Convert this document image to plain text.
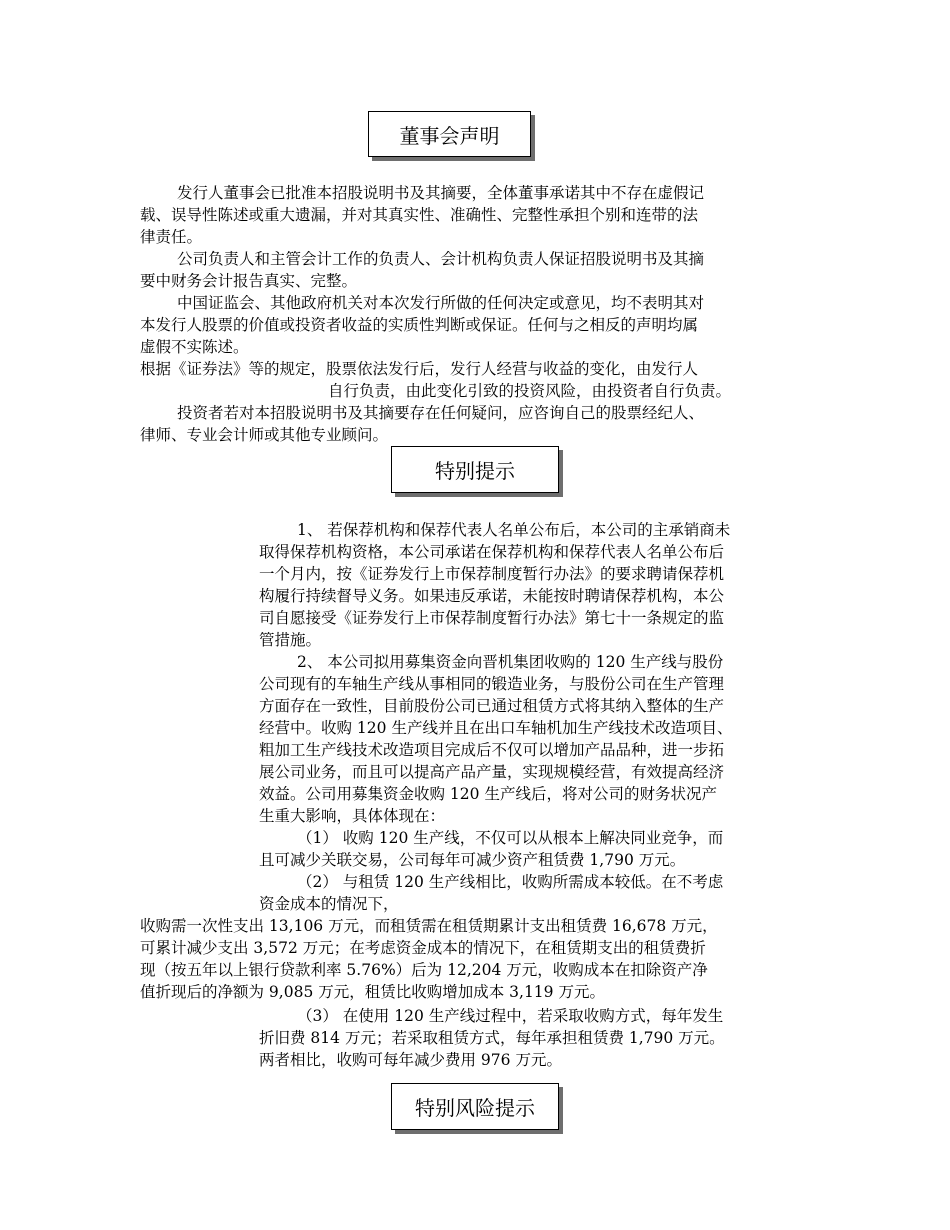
董事会声明
特别提示
特别风险提示
发行人董事会已批准本招股说明书及其摘要，全体董事承诺其中不存在虚假记
载、误导性陈述或重大遗漏，并对其真实性、准确性、完整性承担个别和连带的法
律责任。
公司负责人和主管会计工作的负责人、会计机构负责人保证招股说明书及其摘
要中财务会计报告真实、完整。
中国证监会、其他政府机关对本次发行所做的任何决定或意见，均不表明其对
本发行人股票的价值或投资者收益的实质性判断或保证。任何与之相反的声明均属
虚假不实陈述。
根据《证券法》等的规定，股票依法发行后，发行人经营与收益的变化，由发行人
自行负责，由此变化引致的投资风险，由投资者自行负责。
投资者若对本招股说明书及其摘要存在任何疑问，应咨询自己的股票经纪人、
律师、专业会计师或其他专业顾问。
1、 若保荐机构和保荐代表人名单公布后，本公司的主承销商未
取得保荐机构资格，本公司承诺在保荐机构和保荐代表人名单公布后
一个月内，按《证券发行上市保荐制度暂行办法》的要求聘请保荐机
构履行持续督导义务。如果违反承诺，未能按时聘请保荐机构，本公
司自愿接受《证券发行上市保荐制度暂行办法》第七十一条规定的监
管措施。
2、 本公司拟用募集资金向晋机集团收购的 120 生产线与股份
公司现有的车轴生产线从事相同的锻造业务，与股份公司在生产管理
方面存在一致性，目前股份公司已通过租赁方式将其纳入整体的生产
经营中。收购 120 生产线并且在出口车轴机加生产线技术改造项目、
粗加工生产线技术改造项目完成后不仅可以增加产品品种，进一步拓
展公司业务，而且可以提高产品产量，实现规模经营，有效提高经济
效益。公司用募集资金收购 120 生产线后，将对公司的财务状况产
生重大影响，具体体现在：
（1） 收购 120 生产线，不仅可以从根本上解决同业竞争，而
且可减少关联交易，公司每年可减少资产租赁费 1,790 万元。
（2） 与租赁 120 生产线相比，收购所需成本较低。在不考虑
资金成本的情况下，
收购需一次性支出 13,106 万元，而租赁需在租赁期累计支出租赁费 16,678 万元，
可累计减少支出 3,572 万元；在考虑资金成本的情况下，在租赁期支出的租赁费折
现（按五年以上银行贷款利率 5.76%）后为 12,204 万元，收购成本在扣除资产净
值折现后的净额为 9,085 万元，租赁比收购增加成本 3,119 万元。
（3） 在使用 120 生产线过程中，若采取收购方式，每年发生
折旧费 814 万元；若采取租赁方式，每年承担租赁费 1,790 万元。
两者相比，收购可每年减少费用 976 万元。
